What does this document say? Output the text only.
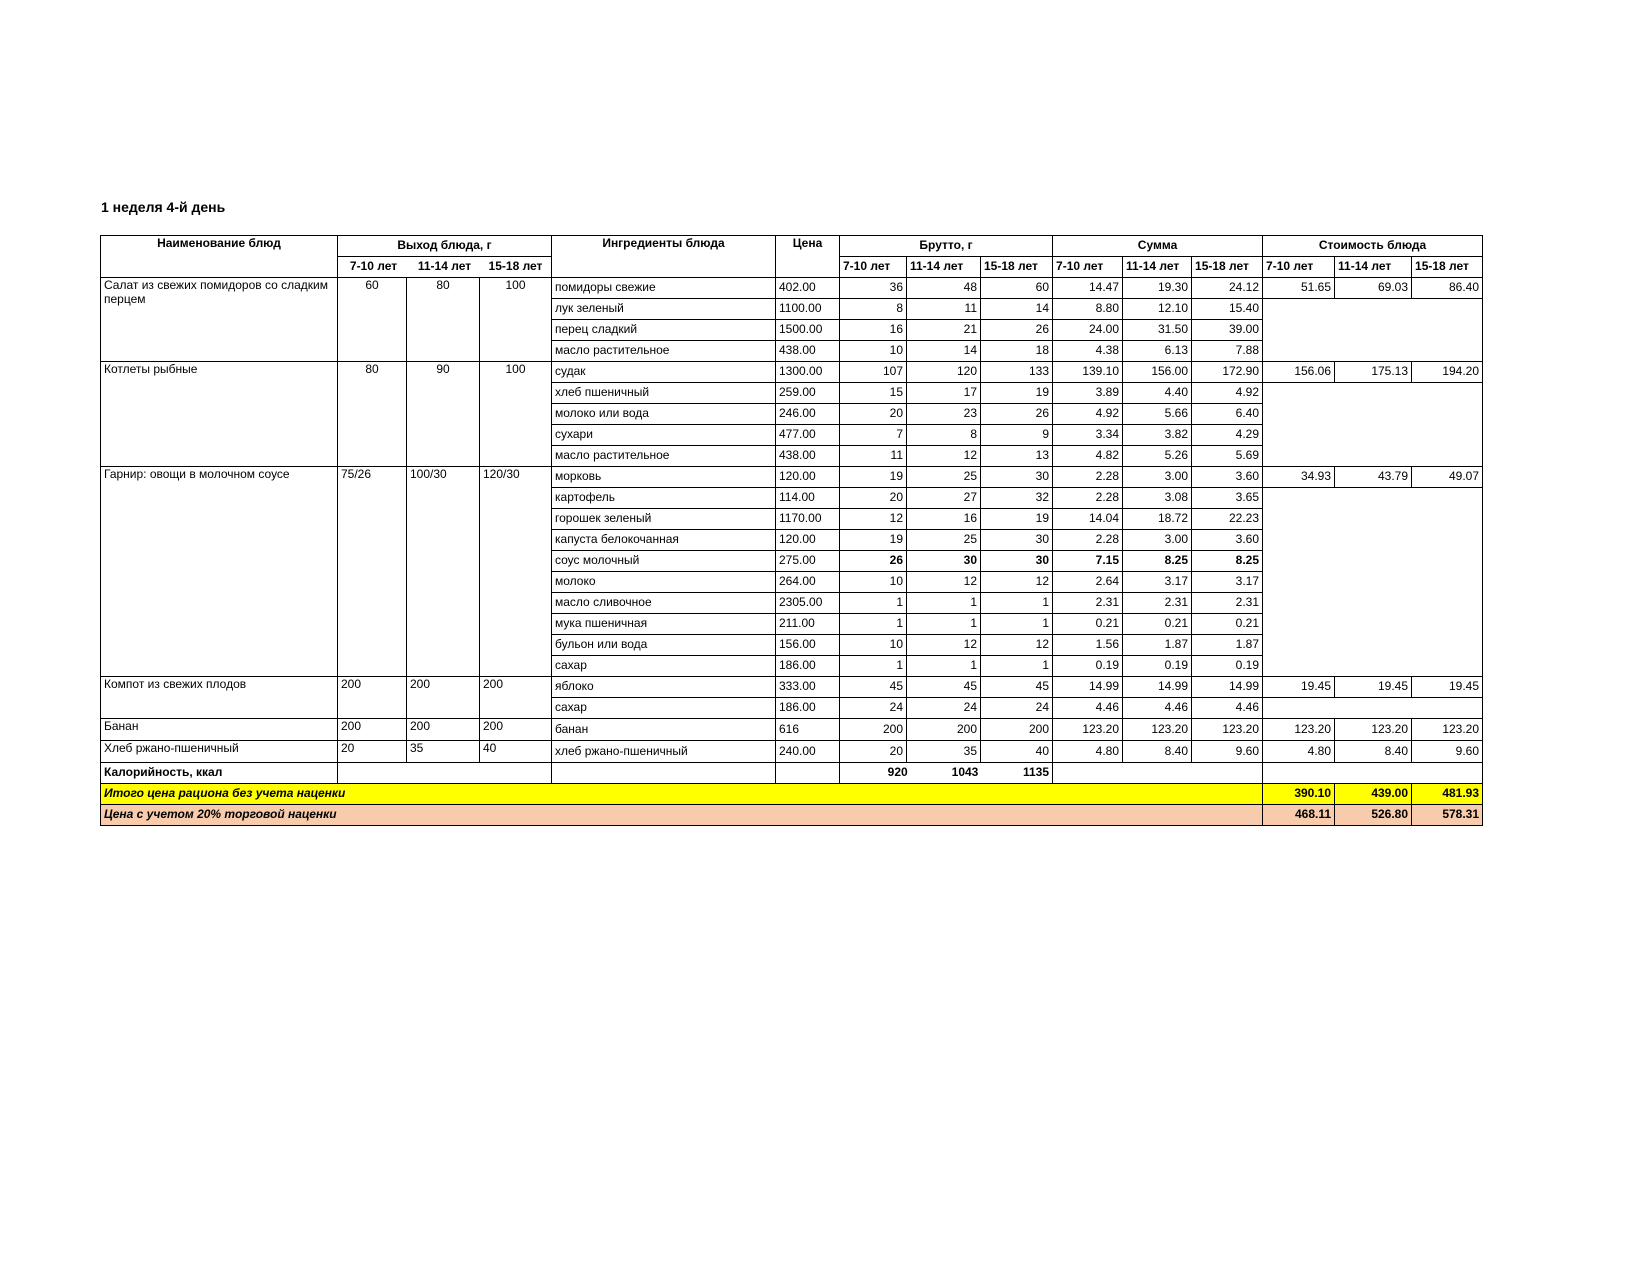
1 неделя 4-й день
Наименование блюд	Выход блюда, г			Ингредиенты блюда	Цена	Брутто, г			Сумма			Стоимость блюда		

	7-10 лет 11-14 лет 15-18 лет					7-10 лет	11-14 лет	15-18 лет	7-10 лет	11-14 лет	15-18 лет	7-10 лет	11-14 лет	15-18 лет
Салат из свежих помидоров со сладким перцем	60	80	100	помидоры свежие	402.00	36	48	60	14.47	19.30	24.12	51.65	69.03	86.40
				лук зеленый	1100.00	8	11	14	8.80	12.10	15.40			
				перец сладкий	1500.00	16	21	26	24.00	31.50	39.00			
				масло растительное	438.00	10	14	18	4.38	6.13	7.88			
Котлеты рыбные	80	90	100	судак	1300.00	107	120	133	139.10	156.00	172.90	156.06	175.13	194.20
				хлеб пшеничный	259.00	15	17	19	3.89	4.40	4.92			
				молоко или вода	246.00	20	23	26	4.92	5.66	6.40			
				сухари	477.00	7	8	9	3.34	3.82	4.29			
				масло растительное	438.00	11	12	13	4.82	5.26	5.69			
Гарнир: овощи в молочном соусе	75/26	100/30	120/30	морковь	120.00	19	25	30	2.28	3.00	3.60	34.93	43.79	49.07
				картофель	114.00	20	27	32	2.28	3.08	3.65			
				горошек зеленый	1170.00	12	16	19	14.04	18.72	22.23			
				капуста белокочанная	120.00	19	25	30	2.28	3.00	3.60			
				соус молочный	275.00	26	30	30	7.15	8.25	8.25			
				молоко	264.00	10	12	12	2.64	3.17	3.17			
				масло сливочное	2305.00	1	1	1	2.31	2.31	2.31			
				мука пшеничная	211.00	1	1	1	0.21	0.21	0.21			
				бульон или вода	156.00	10	12	12	1.56	1.87	1.87			
				сахар	186.00	1	1	1	0.19	0.19	0.19			
Компот из свежих плодов	200	200	200	яблоко	333.00	45	45	45	14.99	14.99	14.99	19.45	19.45	19.45
				сахар	186.00	24	24	24	4.46	4.46	4.46			
Банан	200	200	200	банан	616	200	200	200	123.20	123.20	123.20	123.20	123.20	123.20
Хлеб ржано-пшеничный	20	35	40	хлеб ржано-пшеничный	240.00	20	35	40	4.80	8.40	9.60	4.80	8.40	9.60
Калорийность, ккал						920 1043 1135								

Итого цена рациона без учета наценки												390.10	439.00	481.93
Цена с учетом 20% торговой наценки												468.11	526.80	578.31
